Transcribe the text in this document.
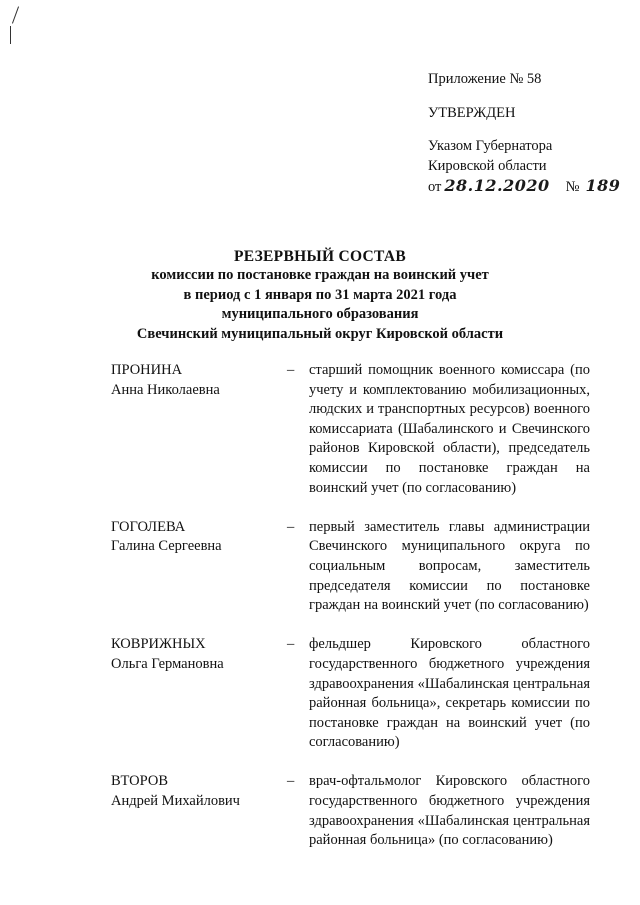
Приложение № 58
УТВЕРЖДЕН
Указом Губернатора
Кировской области
от 28.12.2020 № 189
РЕЗЕРВНЫЙ СОСТАВ
комиссии по постановке граждан на воинский учет
в период с 1 января по 31 марта 2021 года
муниципального образования
Свечинский муниципальный округ Кировской области
ПРОНИНА
Анна Николаевна
–	старший помощник военного комиссара (по учету и комплектованию мобилизационных, людских и транспортных ресурсов) военного комиссариата (Шабалинского и Свечинского районов Кировской области), председатель комиссии по постановке граждан на воинский учет (по согласованию)
ГОГОЛЕВА
Галина Сергеевна
–	первый заместитель главы администрации Свечинского муниципального округа по социальным вопросам, заместитель председателя комиссии по постановке граждан на воинский учет (по согласованию)
КОВРИЖНЫХ
Ольга Германовна
–	фельдшер Кировского областного государственного бюджетного учреждения здравоохранения «Шабалинская центральная районная больница», секретарь комиссии по постановке граждан на воинский учет (по согласованию)
ВТОРОВ
Андрей Михайлович
–	врач-офтальмолог Кировского областного государственного бюджетного учреждения здравоохранения «Шабалинская центральная районная больница» (по согласованию)
